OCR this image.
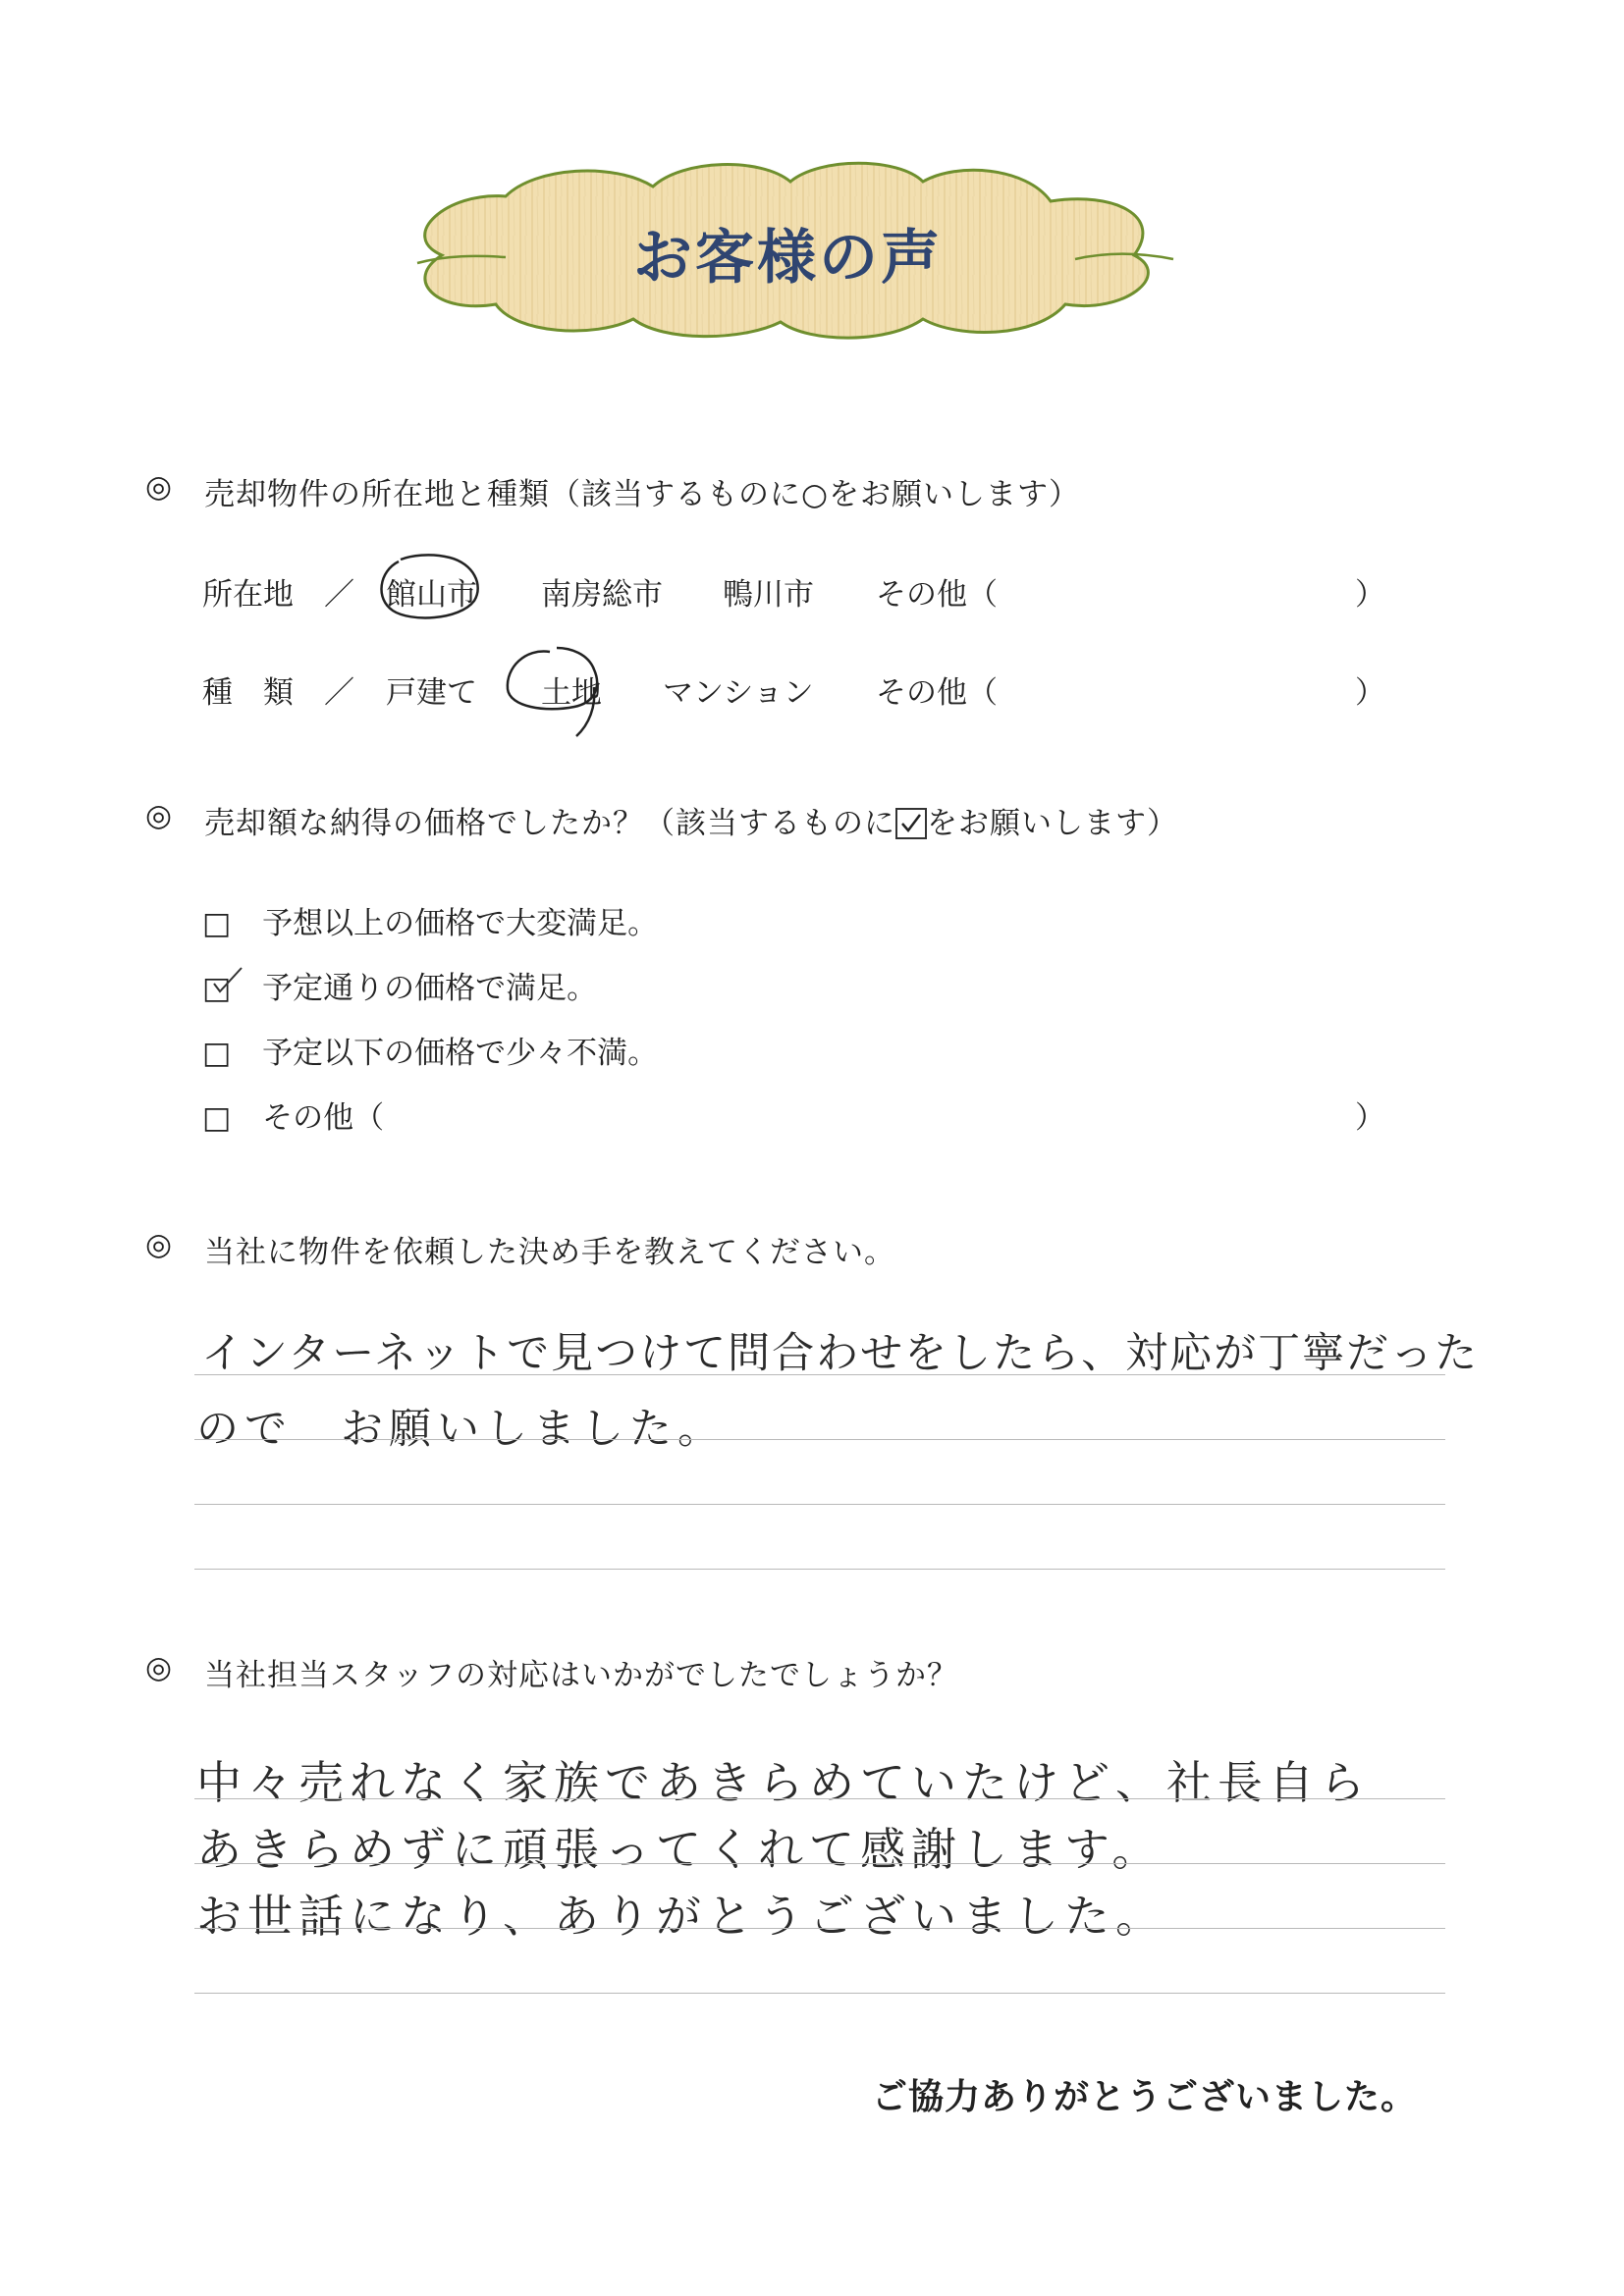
お客様の声
◎ 売却物件の所在地と種類（該当するものに○をお願いします）
所在地 ／ 館山市 南房総市 鴨川市 その他（	）
種　類 ／ 戸建て 土地 マンション その他（	）
◎ 売却額な納得の価格でしたか？（該当するものに をお願いします）
□ 予想以上の価格で大変満足。
□ 予定通りの価格で満足。
□ 予定以下の価格で少々不満。
□ その他（	）
◎ 当社に物件を依頼した決め手を教えてください。
インターネットで見つけて問合わせをしたら、対応が丁寧だった
ので　お願いしました。
◎ 当社担当スタッフの対応はいかがでしたでしょうか？
中々売れなく家族であきらめていたけど、社長自ら
あきらめずに頑張ってくれて感謝します。
お世話になり、ありがとうございました。
ご協力ありがとうございました。
